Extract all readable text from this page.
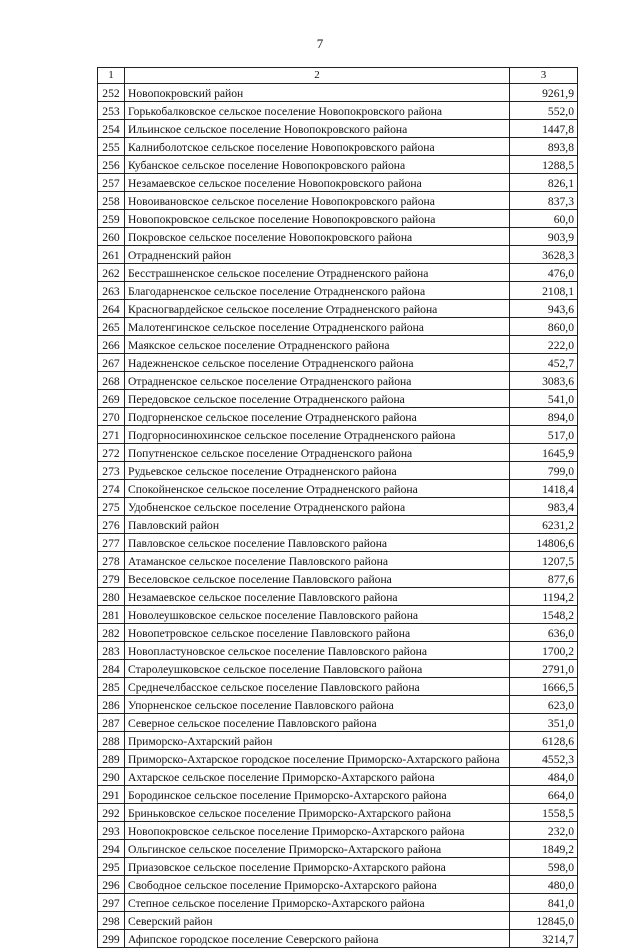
7
1	2	3
252	Новопокровский район	9261,9
253	Горькобалковское сельское поселение Новопокровского района	552,0
254	Ильинское сельское поселение Новопокровского района	1447,8
255	Калниболотское сельское поселение Новопокровского района	893,8
256	Кубанское сельское поселение Новопокровского района	1288,5
257	Незамаевское сельское поселение Новопокровского района	826,1
258	Новоивановское сельское поселение Новопокровского района	837,3
259	Новопокровское сельское поселение Новопокровского района	60,0
260	Покровское сельское поселение Новопокровского района	903,9
261	Отрадненский район	3628,3
262	Бесстрашненское сельское поселение Отрадненского района	476,0
263	Благодарненское сельское поселение Отрадненского района	2108,1
264	Красногвардейское сельское поселение Отрадненского района	943,6
265	Малотенгинское сельское поселение Отрадненского района	860,0
266	Маякское сельское поселение Отрадненского района	222,0
267	Надежненское сельское поселение Отрадненского района	452,7
268	Отрадненское сельское поселение Отрадненского района	3083,6
269	Передовское сельское поселение Отрадненского района	541,0
270	Подгорненское сельское поселение Отрадненского района	894,0
271	Подгорносинюхинское сельское поселение Отрадненского района	517,0
272	Попутненское сельское поселение Отрадненского района	1645,9
273	Рудьевское сельское поселение Отрадненского района	799,0
274	Спокойненское сельское поселение Отрадненского района	1418,4
275	Удобненское сельское поселение Отрадненского района	983,4
276	Павловский район	6231,2
277	Павловское сельское поселение Павловского района	14806,6
278	Атаманское сельское поселение Павловского района	1207,5
279	Веселовское сельское поселение Павловского района	877,6
280	Незамаевское сельское поселение Павловского района	1194,2
281	Новолеушковское сельское поселение Павловского района	1548,2
282	Новопетровское сельское поселение Павловского района	636,0
283	Новопластуновское сельское поселение Павловского района	1700,2
284	Старолеушковское сельское поселение Павловского района	2791,0
285	Среднечелбасское сельское поселение Павловского района	1666,5
286	Упорненское сельское поселение Павловского района	623,0
287	Северное сельское поселение Павловского района	351,0
288	Приморско-Ахтарский район	6128,6
289	Приморско-Ахтарское городское поселение Приморско-Ахтарского района	4552,3
290	Ахтарское сельское поселение Приморско-Ахтарского района	484,0
291	Бородинское сельское поселение Приморско-Ахтарского района	664,0
292	Бриньковское сельское поселение Приморско-Ахтарского района	1558,5
293	Новопокровское сельское поселение Приморско-Ахтарского района	232,0
294	Ольгинское сельское поселение Приморско-Ахтарского района	1849,2
295	Приазовское сельское поселение Приморско-Ахтарского района	598,0
296	Свободное сельское поселение Приморско-Ахтарского района	480,0
297	Степное сельское поселение Приморско-Ахтарского района	841,0
298	Северский район	12845,0
299	Афипское городское поселение Северского района	3214,7
